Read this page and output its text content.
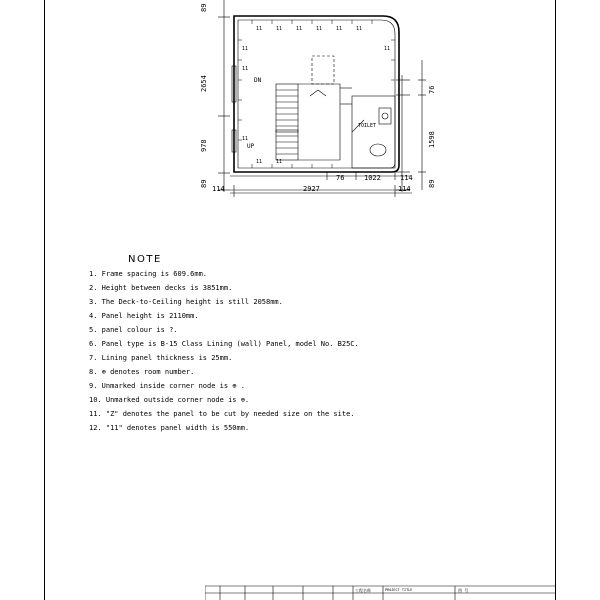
89
2654
978
89
76
1598
89
76	1022	114
114	2927	114
11	11	11	11	11	11
11
11
11
11	11
11
DN
UP
TOILET
NOTE
1. Frame spacing is 609.6mm.
2. Height between decks is 3851mm.
3. The Deck-to-Ceiling height is still 2058mm.
4. Panel height is 2110mm.
5. panel colour is ?.
6. Panel type is B-15 Class Lining (wall) Panel, model No. B25C.
7. Lining panel thickness is 25mm.
8. ⊕ denotes room number.
9. Unmarked inside corner node is ⊕ .
10. Unmarked outside corner node is ⊕.
11. "Z" denotes the panel to be cut by needed size on the site.
12. "11" denotes panel width is 550mm.
工程名称	PROJECT TITLE	图 号
